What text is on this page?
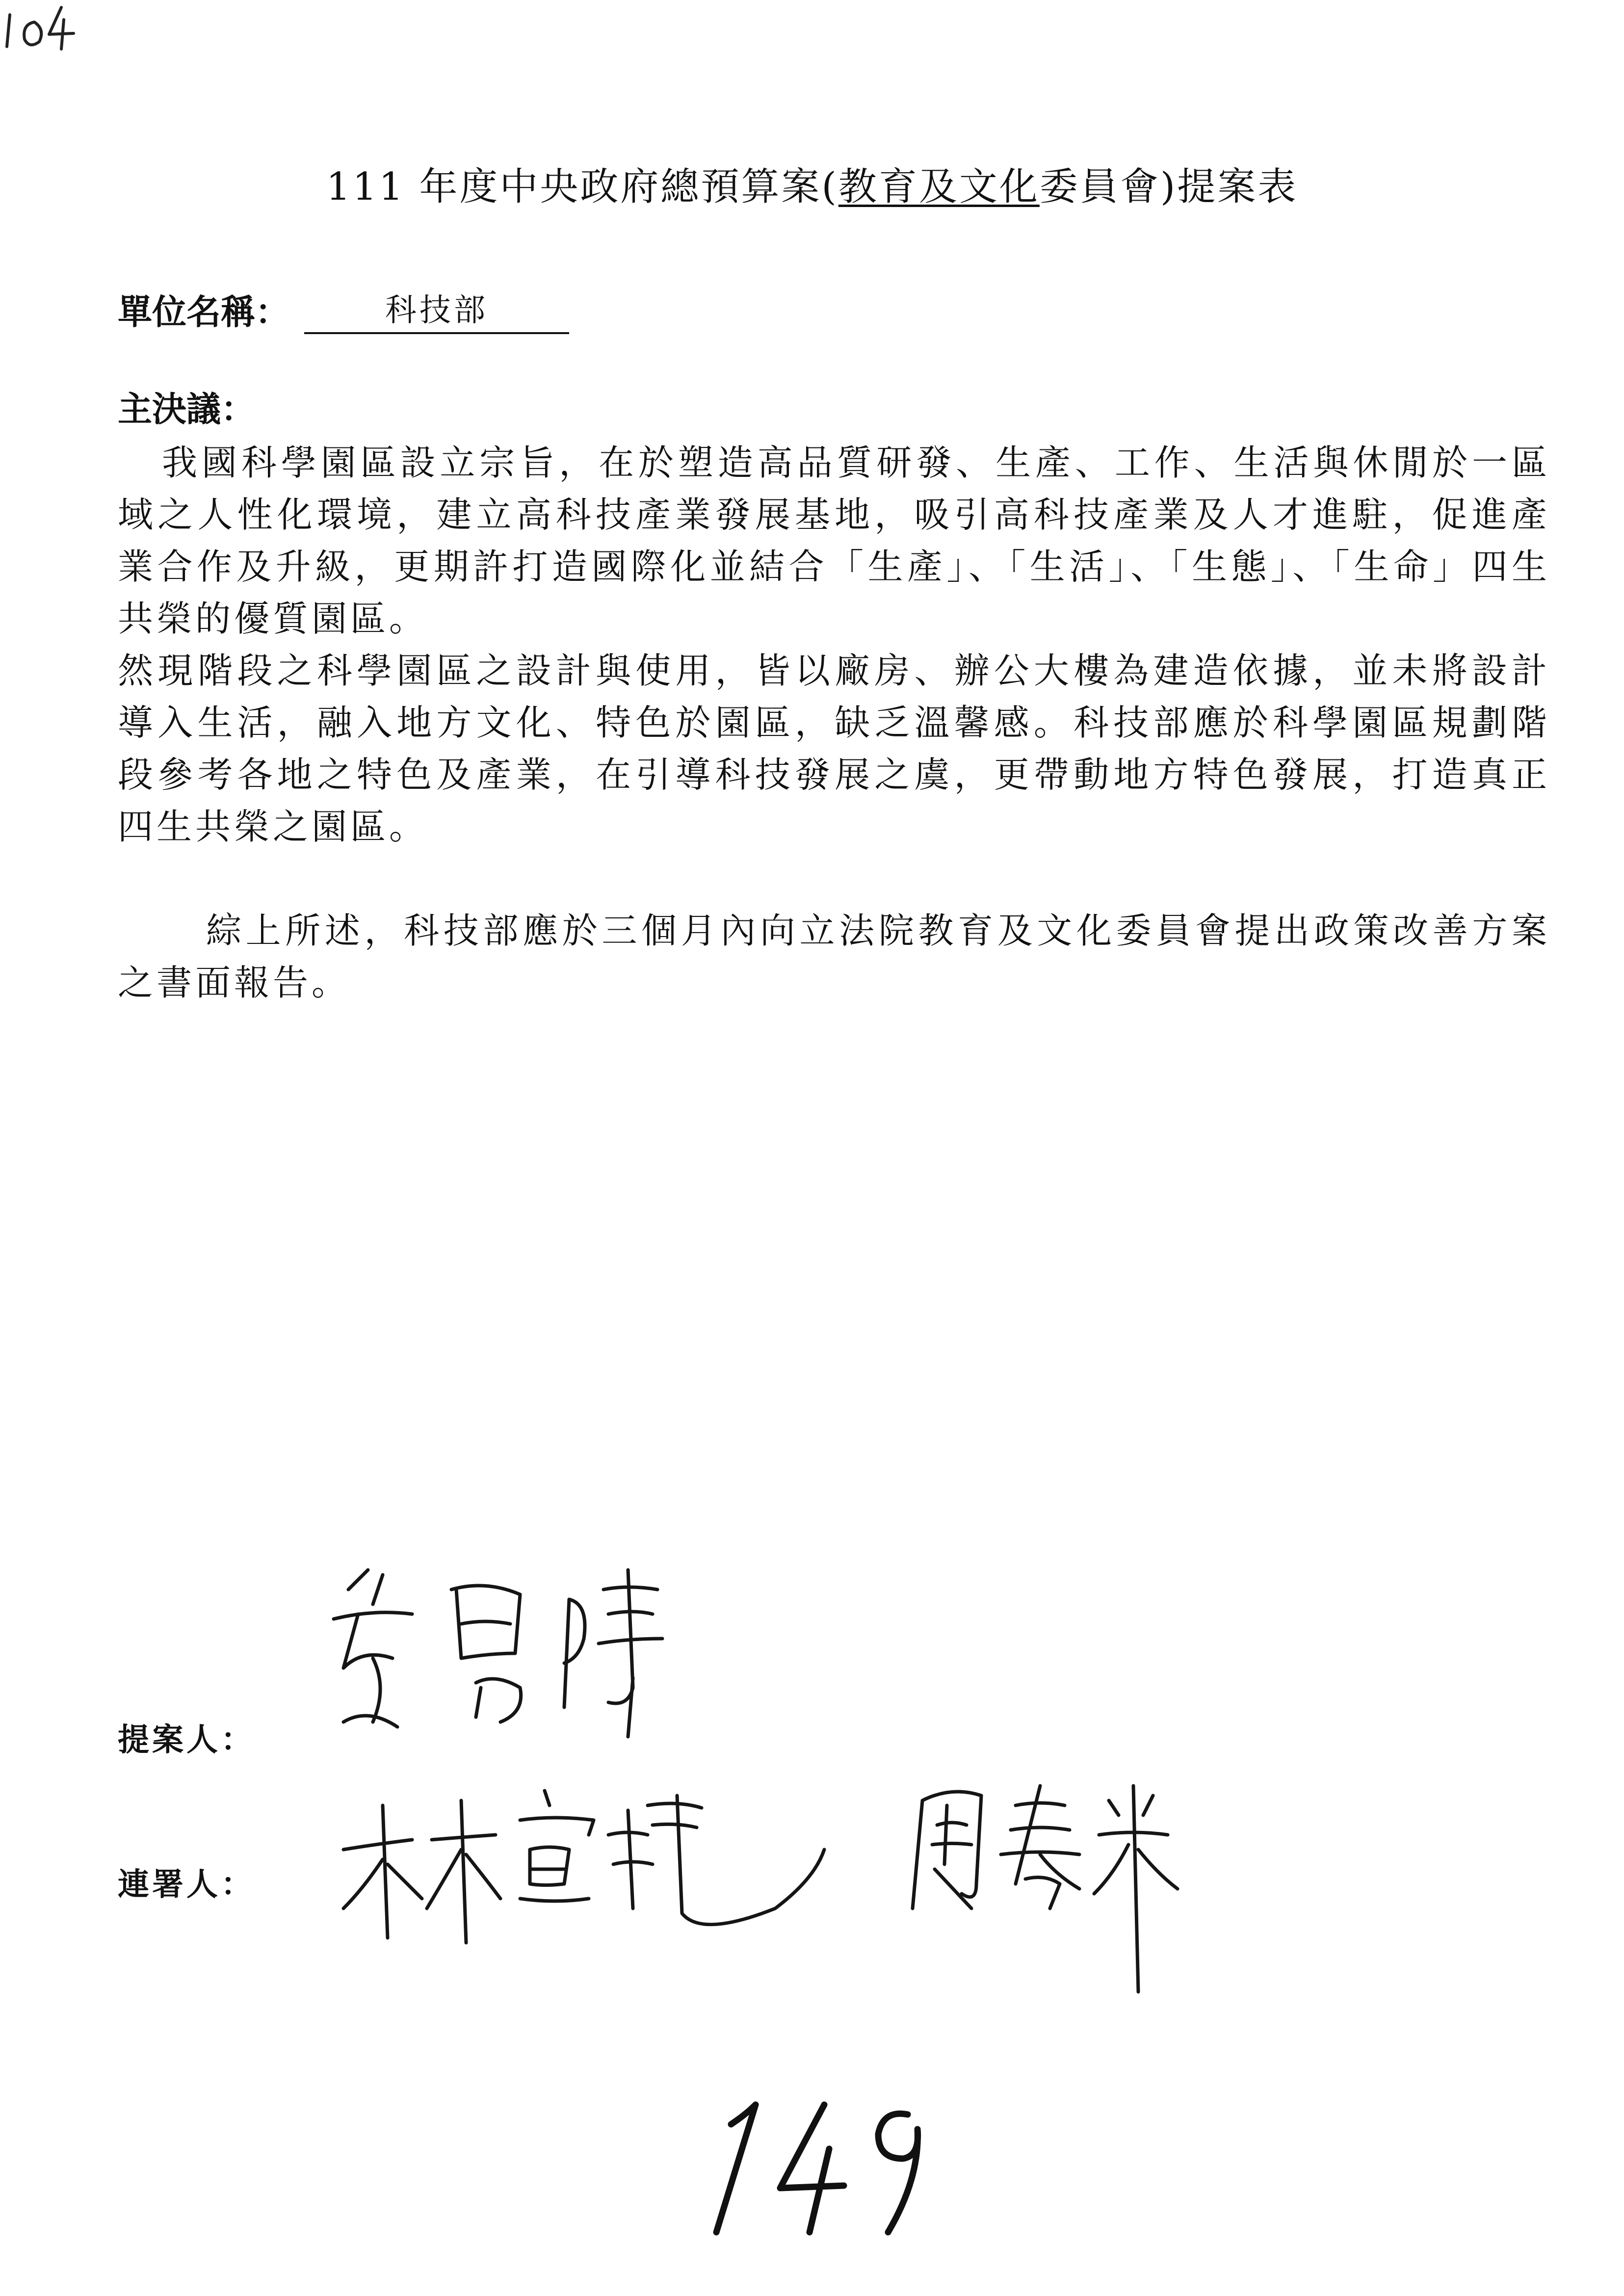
111 年度中央政府總預算案(教育及文化委員會)提案表
單位名稱：	科技部
主決議：

我國科學園區設立宗旨，在於塑造高品質研發、生產、工作、生活與休閒於一區域之人性化環境，建立高科技產業發展基地，吸引高科技產業及人才進駐，促進產業合作及升級，更期許打造國際化並結合「生產」、「生活」、「生態」、「生命」四生共榮的優質園區。

然現階段之科學園區之設計與使用，皆以廠房、辦公大樓為建造依據，並未將設計導入生活，融入地方文化、特色於園區，缺乏溫馨感。科技部應於科學園區規劃階段參考各地之特色及產業，在引導科技發展之虞，更帶動地方特色發展，打造真正四生共榮之園區。

綜上所述，科技部應於三個月內向立法院教育及文化委員會提出政策改善方案之書面報告。

提案人：
連署人：
